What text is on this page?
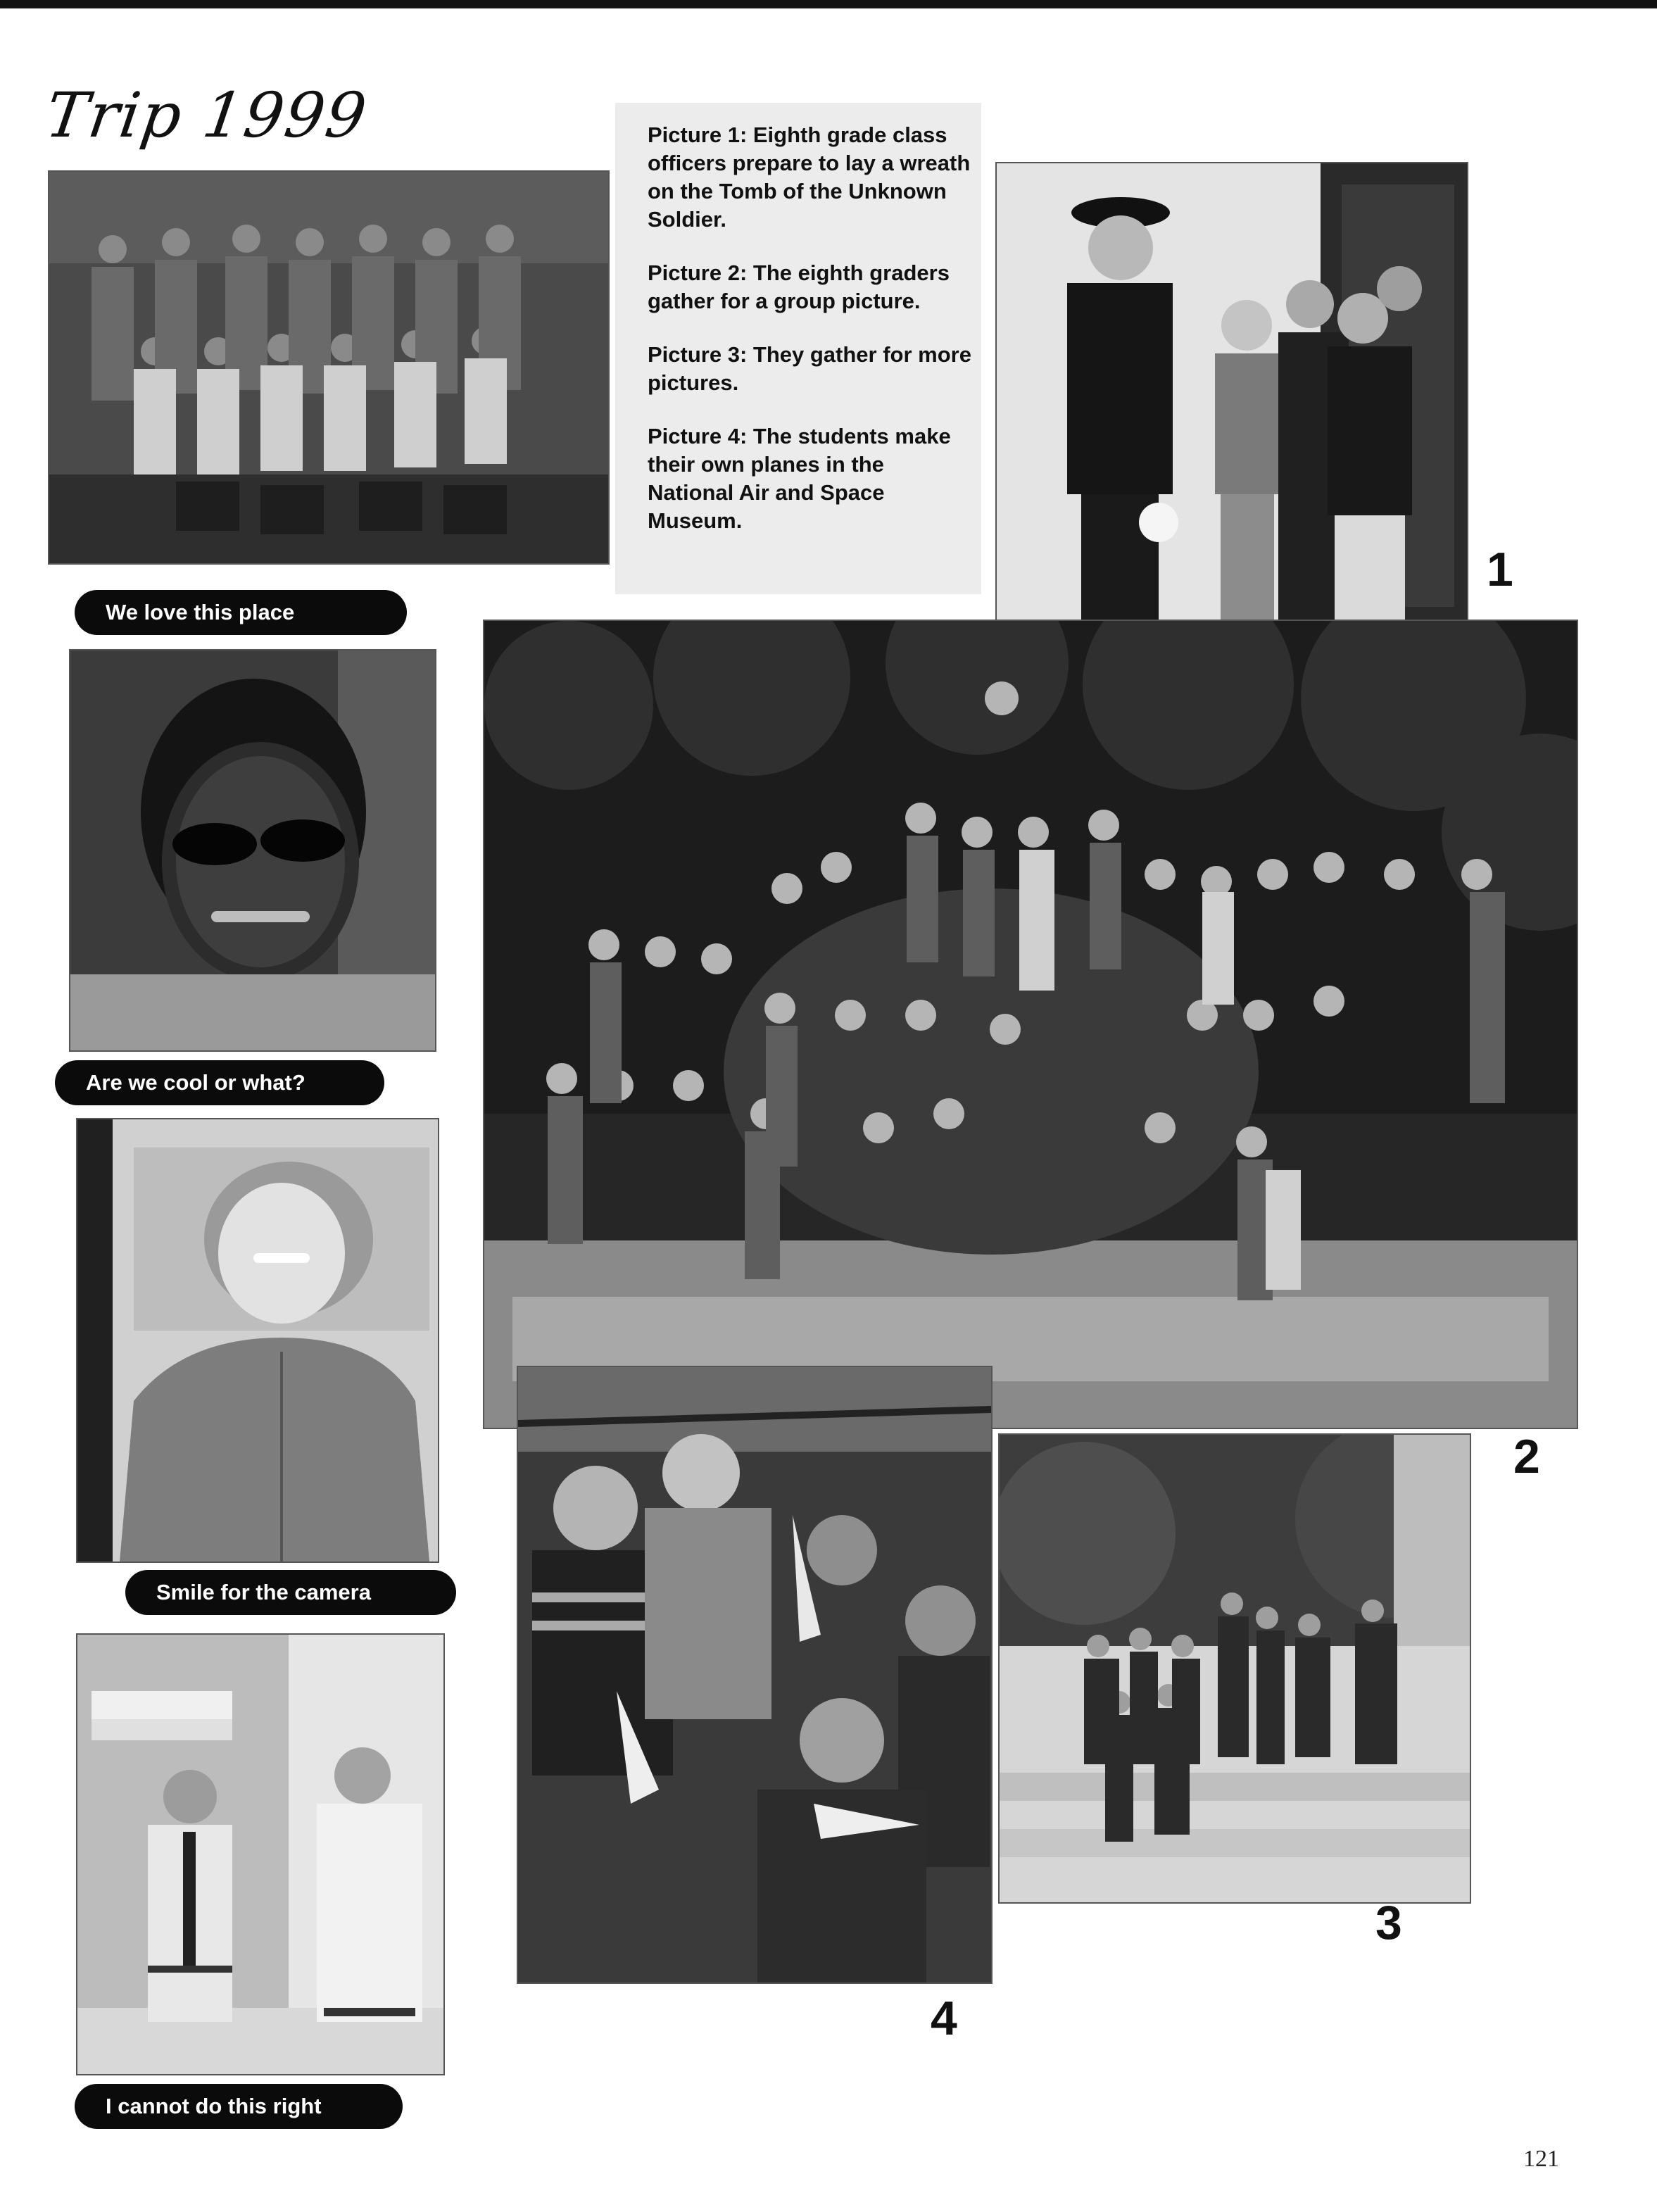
Trip 1999
We love this place

Picture 1: Eighth grade class officers prepare to lay a wreath on the Tomb of the Unknown Soldier.

Picture 2: The eighth graders gather for a group picture.

Picture 3: They gather for more pictures.

Picture 4: The students make their own planes in the National Air and Space Museum.

1
Are we cool or what?
Smile for the camera
I cannot do this right
2
4
3
121
